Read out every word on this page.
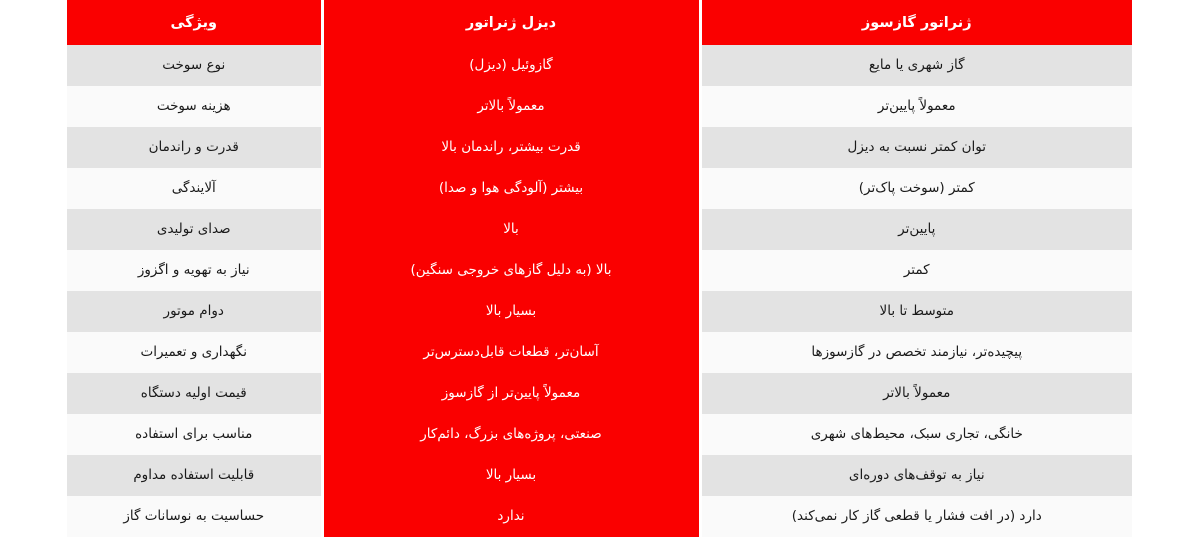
ژنراتور گازسوز	دیزل ژنراتور	ویژگی
گاز شهری یا مایع	گازوئیل (دیزل)	نوع سوخت
معمولاً پایین‌تر	معمولاً بالاتر	هزینه سوخت
توان کمتر نسبت به دیزل	قدرت بیشتر، راندمان بالا	قدرت و راندمان
کمتر (سوخت پاک‌تر)	بیشتر (آلودگی هوا و صدا)	آلایندگی
پایین‌تر	بالا	صدای تولیدی
کمتر	بالا (به دلیل گازهای خروجی سنگین)	نیاز به تهویه و اگزوز
متوسط تا بالا	بسیار بالا	دوام موتور
پیچیده‌تر، نیازمند تخصص در گازسوزها	آسان‌تر، قطعات قابل‌دسترس‌تر	نگهداری و تعمیرات
معمولاً بالاتر	معمولاً پایین‌تر از گازسوز	قیمت اولیه دستگاه
خانگی، تجاری سبک، محیط‌های شهری	صنعتی، پروژه‌های بزرگ، دائم‌کار	مناسب برای استفاده
نیاز به توقف‌های دوره‌ای	بسیار بالا	قابلیت استفاده مداوم
دارد (در افت فشار یا قطعی گاز کار نمی‌کند)	ندارد	حساسیت به نوسانات گاز
